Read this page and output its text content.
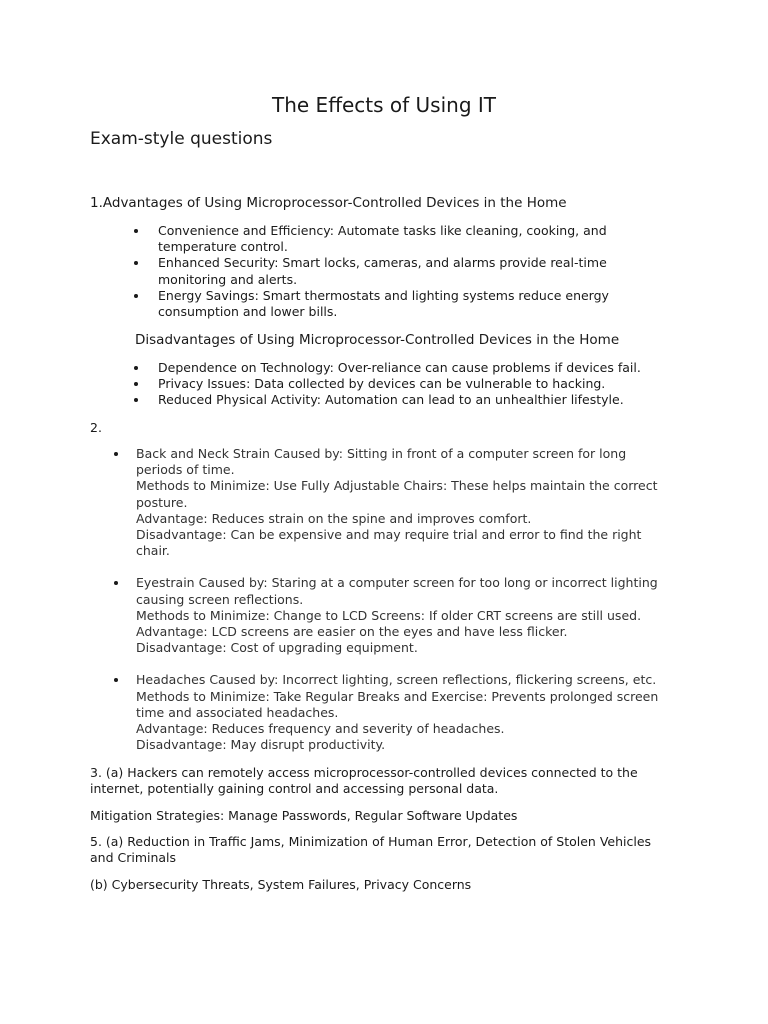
The Effects of Using IT
Exam-style questions

1.Advantages of Using Microprocessor-Controlled Devices in the Home

Convenience and Efficiency: Automate tasks like cleaning, cooking, and temperature control.
Enhanced Security: Smart locks, cameras, and alarms provide real-time monitoring and alerts.
Energy Savings: Smart thermostats and lighting systems reduce energy consumption and lower bills.

Disadvantages of Using Microprocessor-Controlled Devices in the Home

Dependence on Technology: Over-reliance can cause problems if devices fail.
Privacy Issues: Data collected by devices can be vulnerable to hacking.
Reduced Physical Activity: Automation can lead to an unhealthier lifestyle.

2.

Back and Neck Strain Caused by: Sitting in front of a computer screen for long periods of time.
Methods to Minimize: Use Fully Adjustable Chairs: These helps maintain the correct posture.
Advantage: Reduces strain on the spine and improves comfort.
Disadvantage: Can be expensive and may require trial and error to find the right chair.
Eyestrain Caused by: Staring at a computer screen for too long or incorrect lighting causing screen reflections.
Methods to Minimize: Change to LCD Screens: If older CRT screens are still used.
Advantage: LCD screens are easier on the eyes and have less flicker.
Disadvantage: Cost of upgrading equipment.
Headaches Caused by: Incorrect lighting, screen reflections, flickering screens, etc.
Methods to Minimize: Take Regular Breaks and Exercise: Prevents prolonged screen time and associated headaches.
Advantage: Reduces frequency and severity of headaches.
Disadvantage: May disrupt productivity.

3. (a) Hackers can remotely access microprocessor-controlled devices connected to the internet, potentially gaining control and accessing personal data.

Mitigation Strategies: Manage Passwords, Regular Software Updates

5. (a) Reduction in Traffic Jams, Minimization of Human Error, Detection of Stolen Vehicles and Criminals

(b) Cybersecurity Threats, System Failures, Privacy Concerns
